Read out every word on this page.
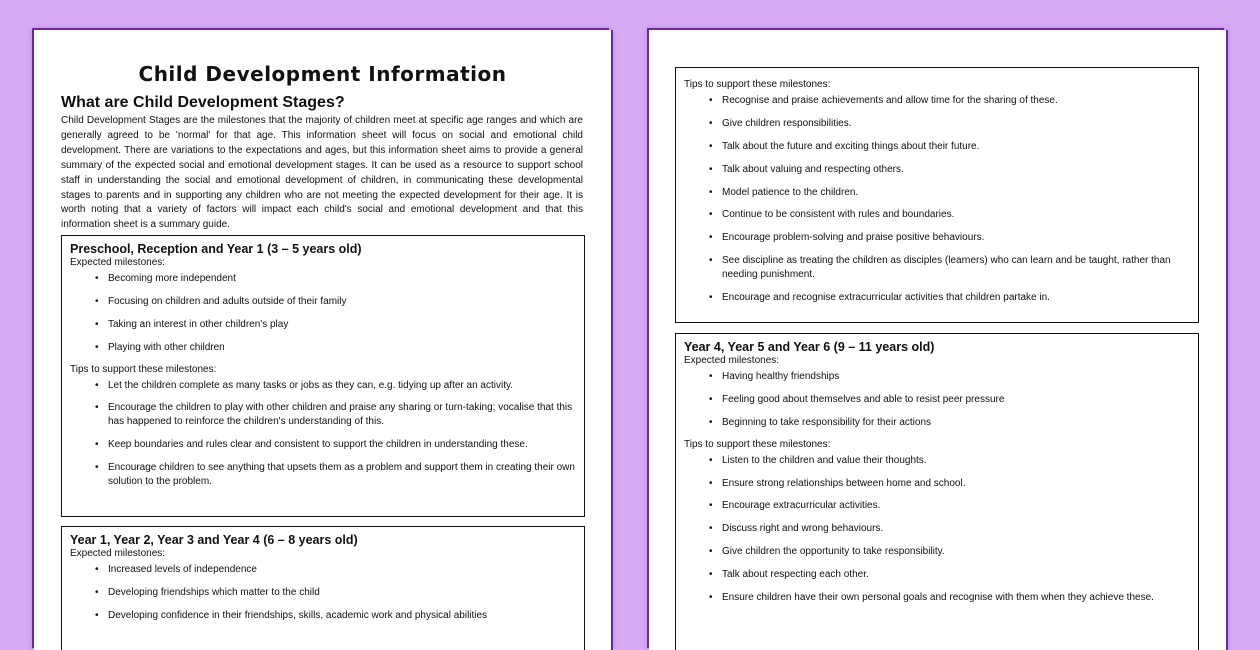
Child Development Information
What are Child Development Stages?
Child Development Stages are the milestones that the majority of children meet at specific age ranges and which are generally agreed to be 'normal' for that age. This information sheet will focus on social and emotional child development. There are variations to the expectations and ages, but this information sheet aims to provide a general summary of the expected social and emotional development stages. It can be used as a resource to support school staff in understanding the social and emotional development of children, in communicating these developmental stages to parents and in supporting any children who are not meeting the expected development for their age. It is worth noting that a variety of factors will impact each child's social and emotional development and that this information sheet is a summary guide.
Preschool, Reception and Year 1 (3 – 5 years old)
Expected milestones:
• Becoming more independent
• Focusing on children and adults outside of their family
• Taking an interest in other children's play
• Playing with other children
Tips to support these milestones:
• Let the children complete as many tasks or jobs as they can, e.g. tidying up after an activity.
• Encourage the children to play with other children and praise any sharing or turn-taking; vocalise that this has happened to reinforce the children's understanding of this.
• Keep boundaries and rules clear and consistent to support the children in understanding these.
• Encourage children to see anything that upsets them as a problem and support them in creating their own solution to the problem.
Year 1, Year 2, Year 3 and Year 4 (6 – 8 years old)
Expected milestones:
• Increased levels of independence
• Developing friendships which matter to the child
• Developing confidence in their friendships, skills, academic work and physical abilities
Tips to support these milestones:
• Recognise and praise achievements and allow time for the sharing of these.
• Give children responsibilities.
• Talk about the future and exciting things about their future.
• Talk about valuing and respecting others.
• Model patience to the children.
• Continue to be consistent with rules and boundaries.
• Encourage problem-solving and praise positive behaviours.
• See discipline as treating the children as disciples (learners) who can learn and be taught, rather than needing punishment.
• Encourage and recognise extracurricular activities that children partake in.
Year 4, Year 5 and Year 6 (9 – 11 years old)
Expected milestones:
• Having healthy friendships
• Feeling good about themselves and able to resist peer pressure
• Beginning to take responsibility for their actions
Tips to support these milestones:
• Listen to the children and value their thoughts.
• Ensure strong relationships between home and school.
• Encourage extracurricular activities.
• Discuss right and wrong behaviours.
• Give children the opportunity to take responsibility.
• Talk about respecting each other.
• Ensure children have their own personal goals and recognise with them when they achieve these.
